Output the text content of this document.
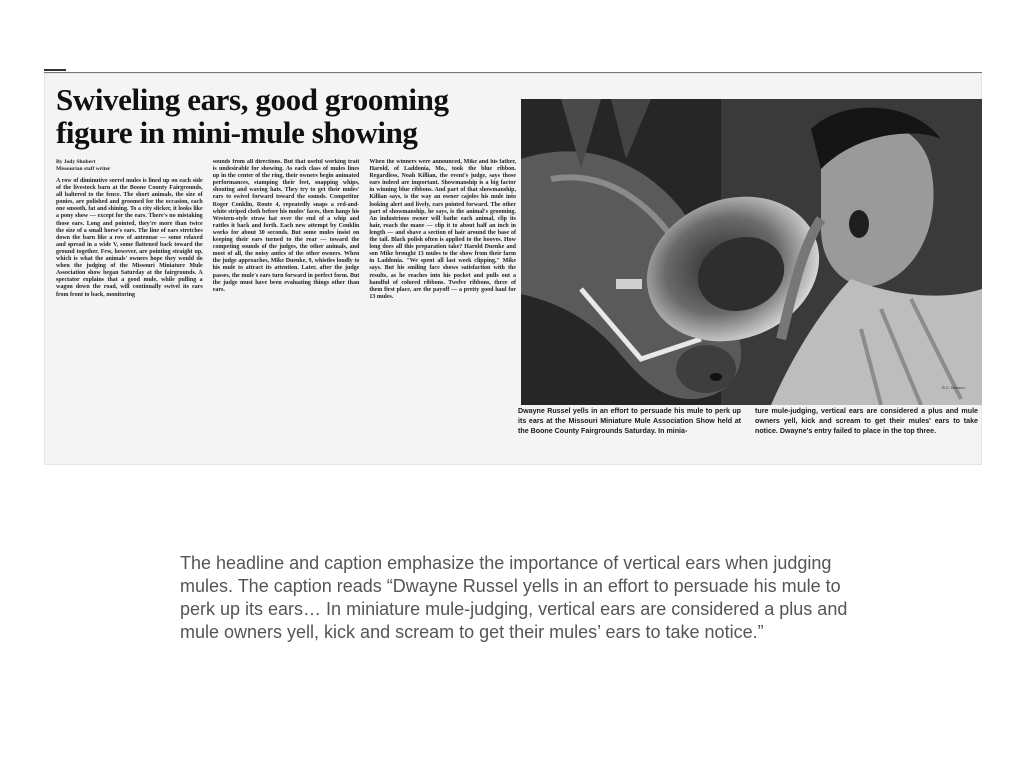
Swiveling ears, good grooming figure in mini-mule showing
By Jody Shubert
Missourian staff writer
A row of diminutive sorrel mules is lined up on each side of the livestock barn at the Boone County Fairgrounds, all haltered to the fence. The short animals, the size of ponies, are polished and groomed for the occasion, each one smooth, fat and shining. To a city slicker, it looks like a pony show — except for the ears. There's no mistaking those ears. Long and pointed, they're more than twice the size of a small horse's ears. The line of ears stretches down the barn like a row of antennae — some relaxed and spread in a wide V, some flattened back toward the ground together. Few, however, are pointing straight up, which is what the animals' owners hope they would do when the judging of the Missouri Miniature Mule Association show began Saturday at the fairgrounds. A spectator explains that a good mule, while pulling a wagon down the road, will continually swivel its ears from front to back, monitoring
sounds from all directions. But that useful working trait is undesirable for showing. As each class of mules lines up in the center of the ring, their owners begin animated performances, stamping their feet, snapping whips, shouting and waving hats. They try to get their mules' ears to swivel forward toward the sounds. Competitor Roger Conklin, Route 4, repeatedly snaps a red-and-white striped cloth before his mules' faces, then hangs his Western-style straw hat over the end of a whip and rattles it back and forth. Each new attempt by Conklin works for about 30 seconds. But some mules insist on keeping their ears turned to the rear — toward the competing sounds of the judges, the other animals, and most of all, the noisy antics of the other owners. When the judge approaches, Mike Duenke, 9, whistles loudly to his mule to attract its attention. Later, after the judge passes, the mule's ears turn forward in perfect form. But the judge must have been evaluating things other than ears.
When the winners were announced, Mike and his father, Harold, of Laddonia, Mo., took the blue ribbon. Regardless, Noah Killian, the event's judge, says those ears indeed are important. Showmanship is a big factor in winning blue ribbons. And part of that showmanship, Killian says, is the way an owner cajoles his mule into looking alert and lively, ears pointed forward. The other part of showmanship, he says, is the animal's grooming. An industrious owner will bathe each animal, clip its hair, roach the mane — clip it to about half an inch in length — and shave a section of hair around the base of the tail. Black polish often is applied to the hooves. How long does all this preparation take? Harold Duenke and son Mike brought 13 mules to the show from their farm in Laddonia. "We spent all last week clipping," Mike says. But his smiling face shows satisfaction with the results, as he reaches into his pocket and pulls out a handful of colored ribbons. Twelve ribbons, three of them first place, are the payoff — a pretty good haul for 13 mules.
R.C. Benson
Dwayne Russel yells in an effort to persuade his mule to perk up its ears at the Missouri Miniature Mule Association Show held at the Boone County Fairgrounds Saturday. In minia-
ture mule-judging, vertical ears are considered a plus and mule owners yell, kick and scream to get their mules' ears to take notice. Dwayne's entry failed to place in the top three.

The headline and caption emphasize the importance of vertical ears when judging mules. The caption reads “Dwayne Russel yells in an effort to persuade his mule to perk up its ears… In miniature mule-judging, vertical ears are considered a plus and mule owners yell, kick and scream to get their mules’ ears to take notice.”
